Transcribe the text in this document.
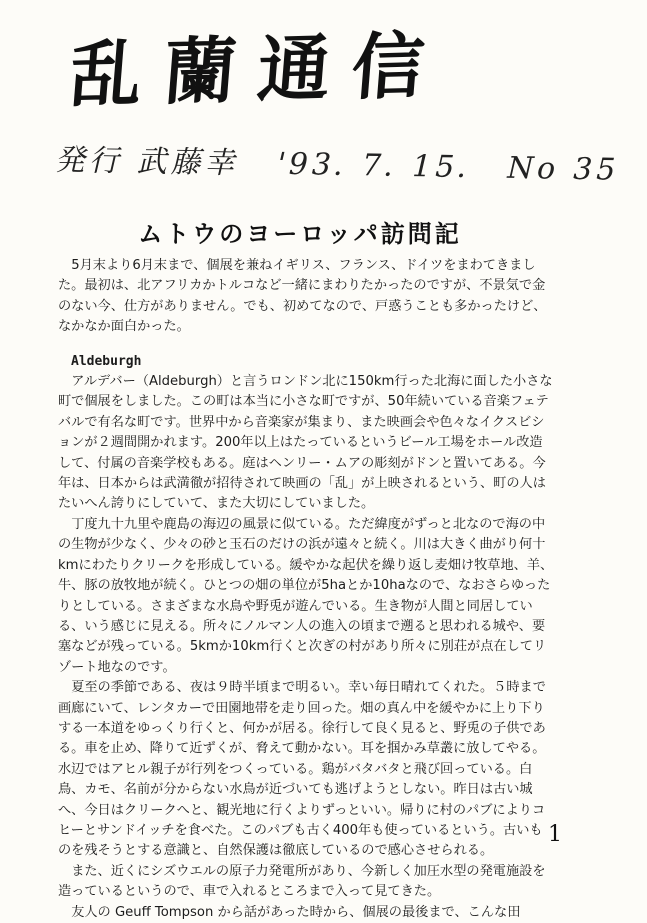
乱蘭通信
発行 武藤幸 '93. 7. 15. No 35
ムトウのヨーロッパ訪問記

5月末より6月末まで、個展を兼ねイギリス、フランス、ドイツをまわてきました。最初は、北アフリカかトルコなど一緒にまわりたかったのですが、不景気で金のない今、仕方がありません。でも、初めてなので、戸惑うことも多かったけど、なかなか面白かった。

Aldeburgh

アルデバー（Aldeburgh）と言うロンドン北に150km行った北海に面した小さな町で個展をしました。この町は本当に小さな町ですが、50年続いている音楽フェテバルで有名な町です。世界中から音楽家が集まり、また映画会や色々なイクスビションが２週間開かれます。200年以上はたっているというビール工場をホール改造して、付属の音楽学校もある。庭はヘンリー・ムアの彫刻がドンと置いてある。今年は、日本からは武満徹が招待されて映画の「乱」が上映されるという、町の人はたいへん誇りにしていて、また大切にしていました。

丁度九十九里や鹿島の海辺の風景に似ている。ただ緯度がずっと北なので海の中の生物が少なく、少々の砂と玉石のだけの浜が遠々と続く。川は大きく曲がり何十kmにわたりクリークを形成している。緩やかな起伏を繰り返し麦畑け牧草地、羊、牛、豚の放牧地が続く。ひとつの畑の単位が5haとか10haなので、なおさらゆったりとしている。さまざまな水鳥や野兎が遊んでいる。生き物が人間と同居している、いう感じに見える。所々にノルマン人の進入の頃まで遡ると思われる城や、要塞などが残っている。5kmか10km行くと次ぎの村があり所々に別荘が点在してリゾート地なのです。

夏至の季節である、夜は９時半頃まで明るい。幸い毎日晴れてくれた。５時まで画廊にいて、レンタカーで田園地帯を走り回った。畑の真ん中を緩やかに上り下りする一本道をゆっくり行くと、何かが居る。徐行して良く見ると、野兎の子供である。車を止め、降りて近ずくが、脅えて動かない。耳を掴かみ草叢に放してやる。水辺ではアヒル親子が行列をつくっている。鶏がバタバタと飛び回っている。白鳥、カモ、名前が分からない水鳥が近づいても逃げようとしない。昨日は古い城へ、今日はクリークへと、観光地に行くよりずっといい。帰りに村のパブによりコヒーとサンドイッチを食べた。このパブも古く400年も使っているという。古いものを残そうとする意識と、自然保護は徹底しているので感心させられる。

また、近くにシズウエルの原子力発電所があり、今新しく加圧水型の発電施設を造っているというので、車で入れるところまで入って見てきた。

友人の Geuff Tompson から話があった時から、個展の最後まで、こんな田

1
